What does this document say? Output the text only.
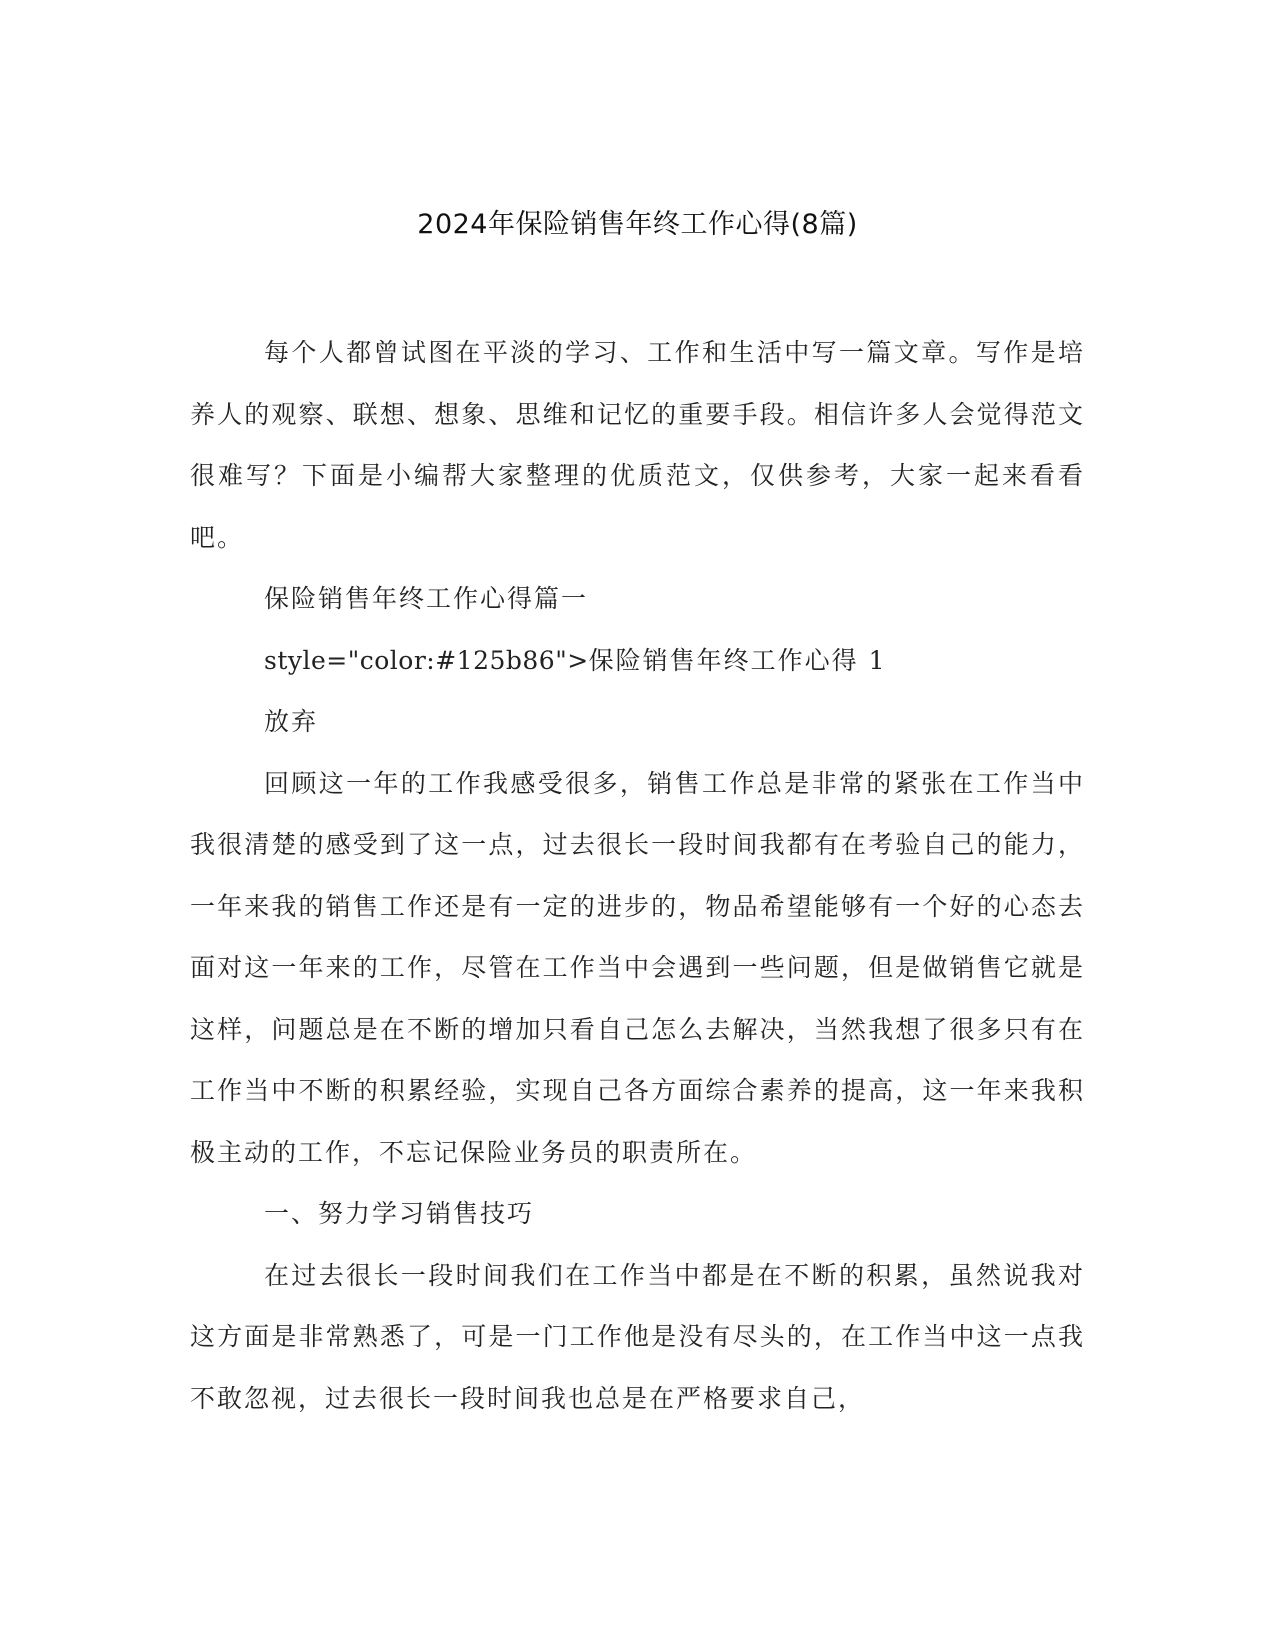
2024年保险销售年终工作心得(8篇)

每个人都曾试图在平淡的学习、工作和生活中写一篇文章。写作是培养人的观察、联想、想象、思维和记忆的重要手段。相信许多人会觉得范文很难写？下面是小编帮大家整理的优质范文，仅供参考，大家一起来看看吧。

保险销售年终工作心得篇一

style="color:#125b86">保险销售年终工作心得 1

放弃

回顾这一年的工作我感受很多，销售工作总是非常的紧张在工作当中我很清楚的感受到了这一点，过去很长一段时间我都有在考验自己的能力，一年来我的销售工作还是有一定的进步的，物品希望能够有一个好的心态去面对这一年来的工作，尽管在工作当中会遇到一些问题，但是做销售它就是这样，问题总是在不断的增加只看自己怎么去解决，当然我想了很多只有在工作当中不断的积累经验，实现自己各方面综合素养的提高，这一年来我积极主动的工作，不忘记保险业务员的职责所在。

一、努力学习销售技巧

在过去很长一段时间我们在工作当中都是在不断的积累，虽然说我对这方面是非常熟悉了，可是一门工作他是没有尽头的，在工作当中这一点我不敢忽视，过去很长一段时间我也总是在严格要求自己，
